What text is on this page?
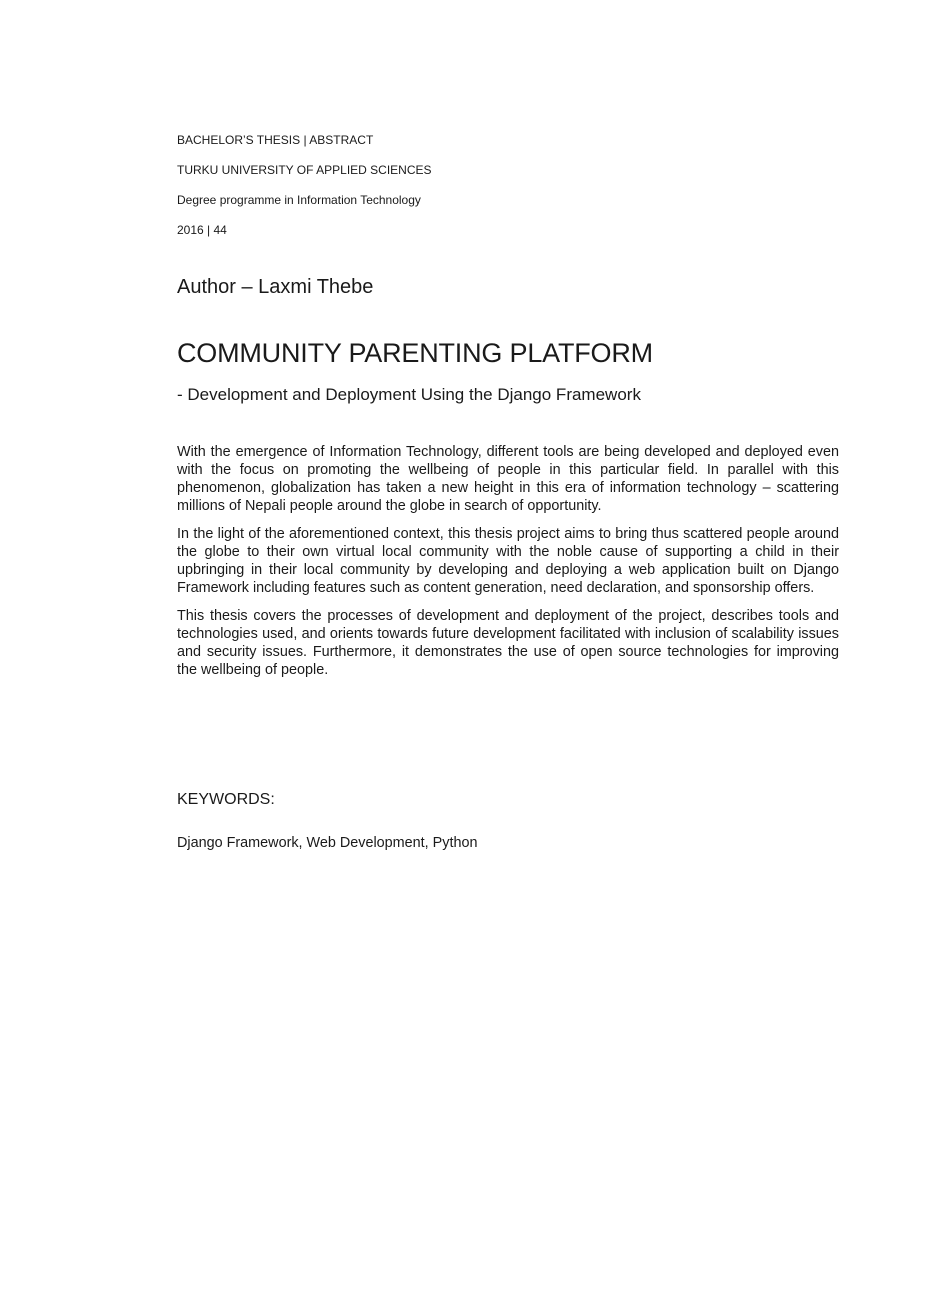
BACHELOR’S THESIS | ABSTRACT
TURKU UNIVERSITY OF APPLIED SCIENCES
Degree programme in Information Technology
2016 | 44
Author – Laxmi Thebe
COMMUNITY PARENTING PLATFORM
- Development and Deployment Using the Django Framework

With the emergence of Information Technology, different tools are being developed and deployed even with the focus on promoting the wellbeing of people in this particular field. In parallel with this phenomenon, globalization has taken a new height in this era of information technology – scattering millions of Nepali people around the globe in search of opportunity.

In the light of the aforementioned context, this thesis project aims to bring thus scattered people around the globe to their own virtual local community with the noble cause of supporting a child in their upbringing in their local community by developing and deploying a web application built on Django Framework including features such as content generation, need declaration, and sponsorship offers.

This thesis covers the processes of development and deployment of the project, describes tools and technologies used, and orients towards future development facilitated with inclusion of scalability issues and security issues. Furthermore, it demonstrates the use of open source technologies for improving the wellbeing of people.

KEYWORDS:
Django Framework, Web Development, Python
